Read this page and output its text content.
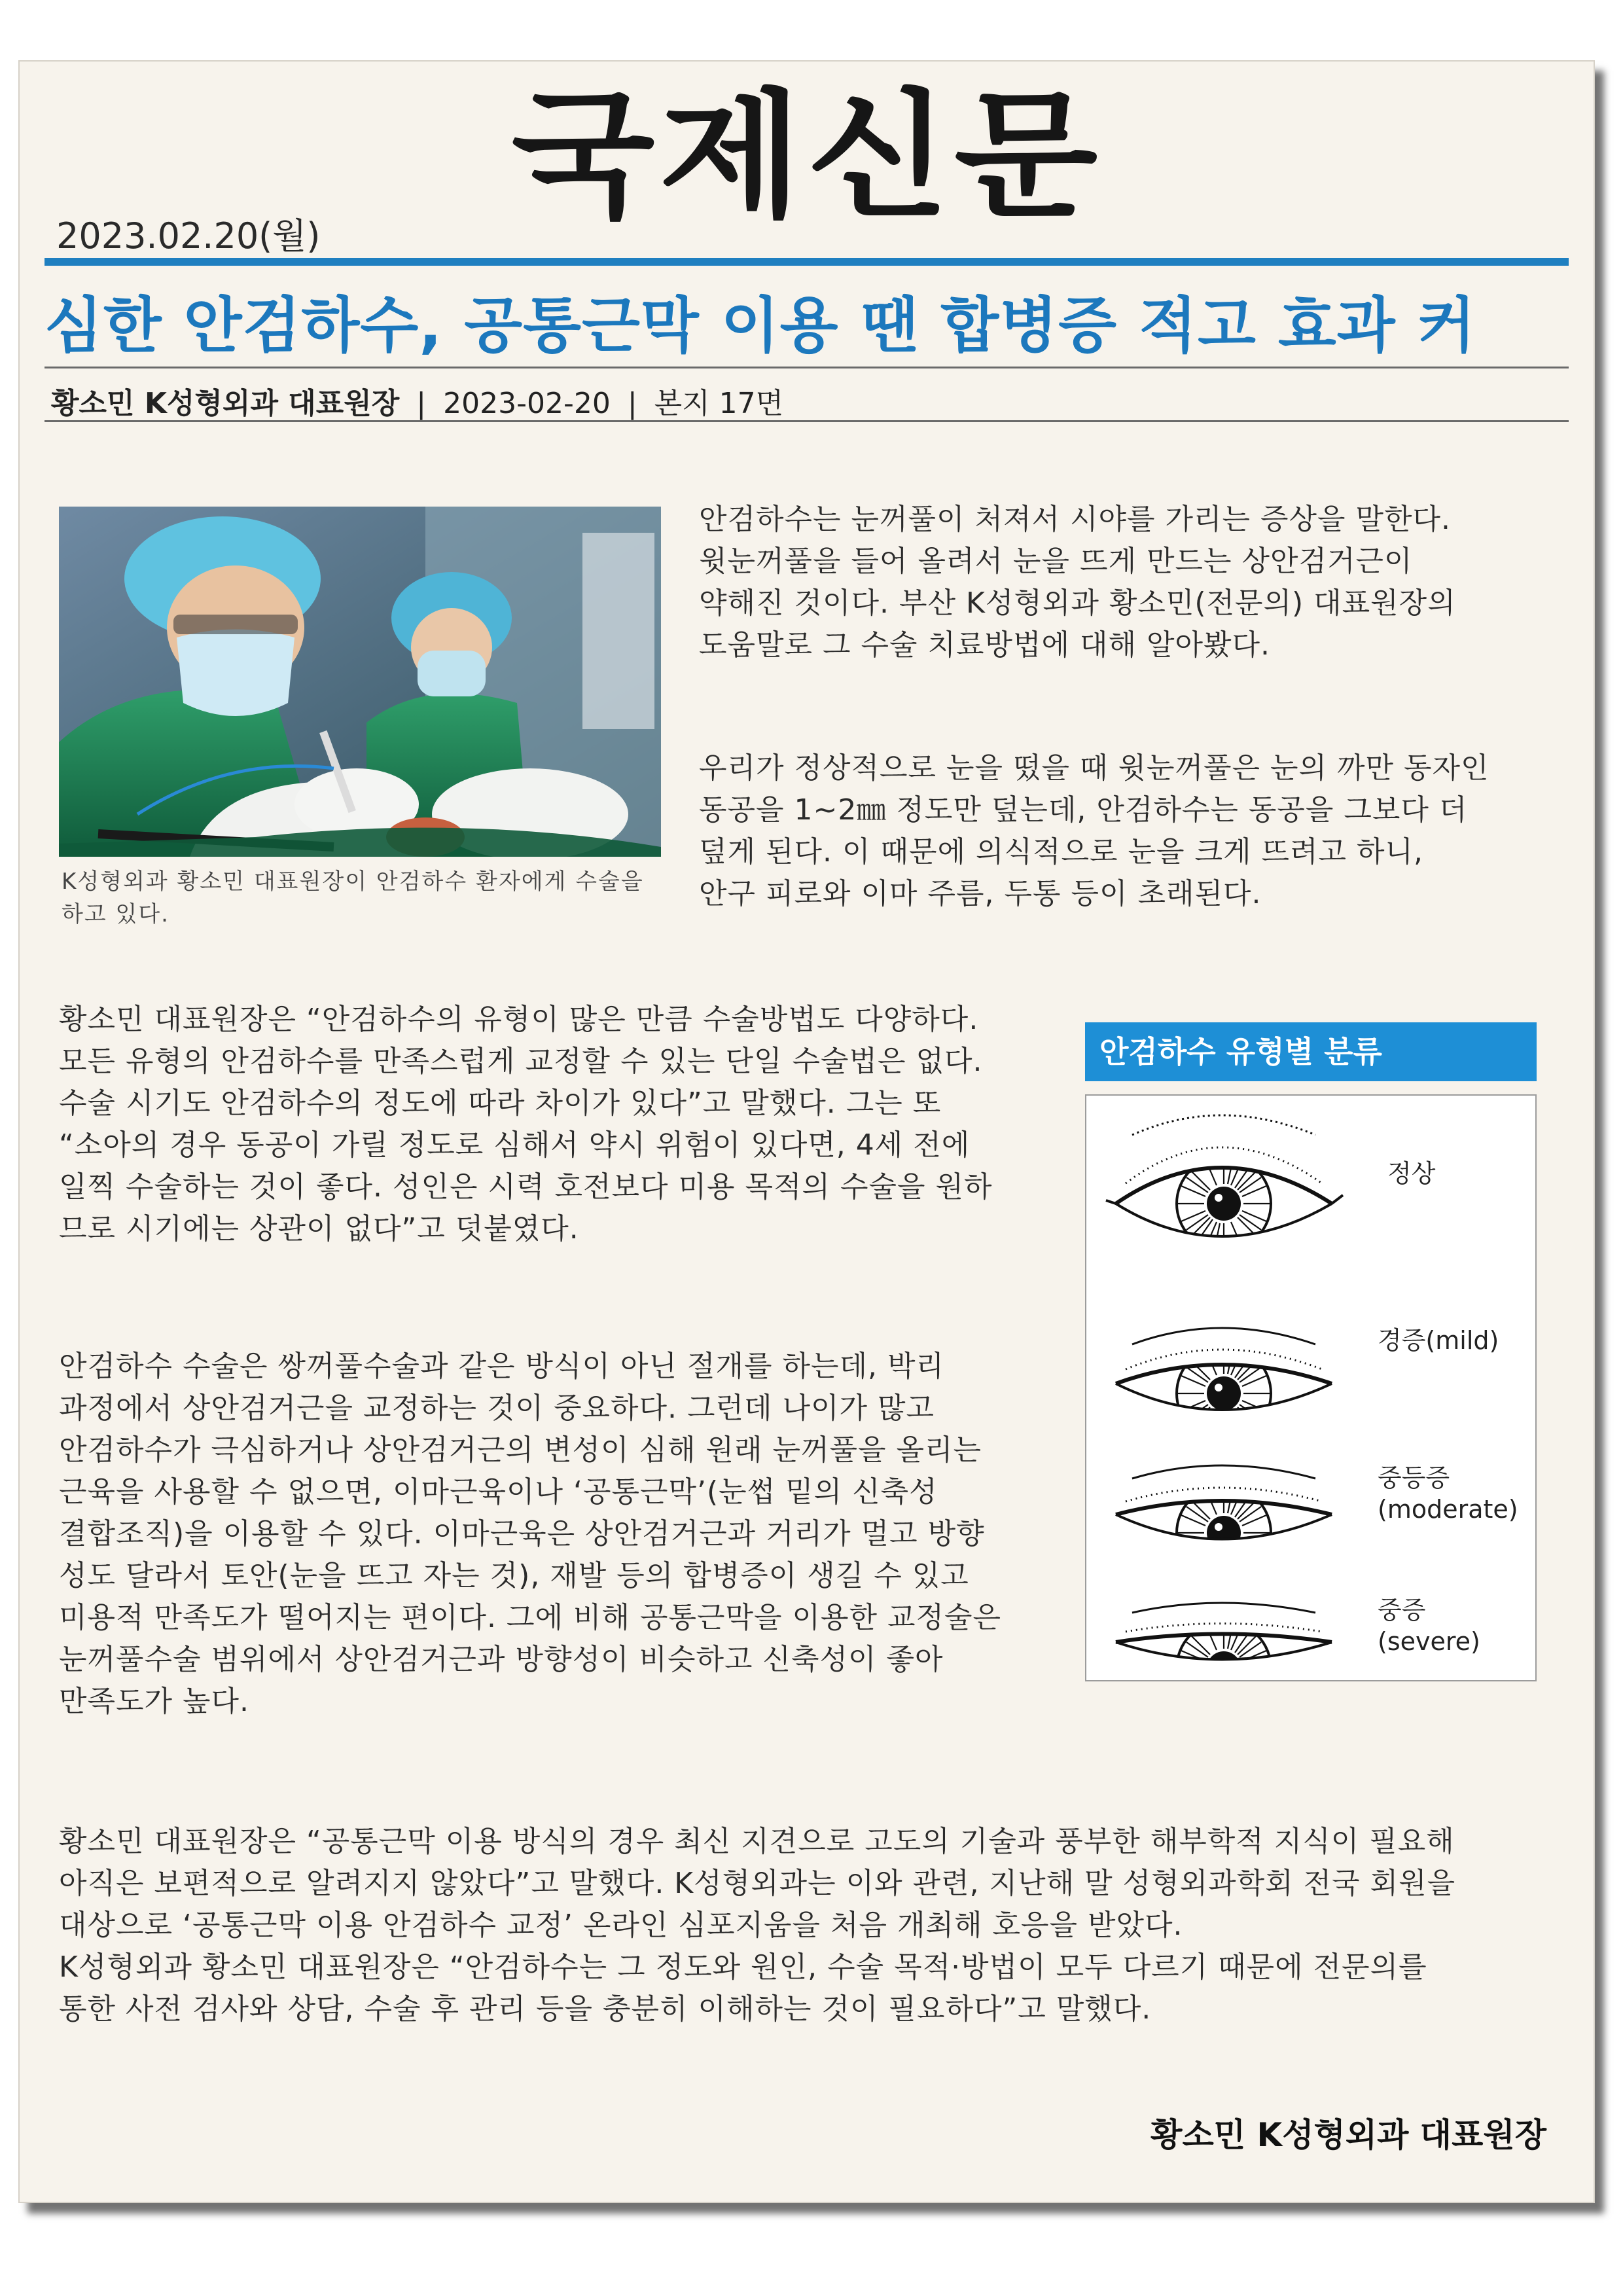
국제신문
2023.02.20(월)
심한 안검하수, 공통근막 이용 땐 합병증 적고 효과 커
황소민 K성형외과 대표원장 | 2023-02-20 | 본지 17면
K성형외과 황소민 대표원장이 안검하수 환자에게 수술을 하고 있다.
안검하수는 눈꺼풀이 처져서 시야를 가리는 증상을 말한다.
윗눈꺼풀을 들어 올려서 눈을 뜨게 만드는 상안검거근이
약해진 것이다. 부산 K성형외과 황소민(전문의) 대표원장의
도움말로 그 수술 치료방법에 대해 알아봤다.
우리가 정상적으로 눈을 떴을 때 윗눈꺼풀은 눈의 까만 동자인
동공을 1~2㎜ 정도만 덮는데, 안검하수는 동공을 그보다 더
덮게 된다. 이 때문에 의식적으로 눈을 크게 뜨려고 하니,
안구 피로와 이마 주름, 두통 등이 초래된다.
황소민 대표원장은 “안검하수의 유형이 많은 만큼 수술방법도 다양하다.
모든 유형의 안검하수를 만족스럽게 교정할 수 있는 단일 수술법은 없다.
수술 시기도 안검하수의 정도에 따라 차이가 있다”고 말했다. 그는 또
“소아의 경우 동공이 가릴 정도로 심해서 약시 위험이 있다면, 4세 전에
일찍 수술하는 것이 좋다. 성인은 시력 호전보다 미용 목적의 수술을 원하
므로 시기에는 상관이 없다”고 덧붙였다.
안검하수 수술은 쌍꺼풀수술과 같은 방식이 아닌 절개를 하는데, 박리
과정에서 상안검거근을 교정하는 것이 중요하다. 그런데 나이가 많고
안검하수가 극심하거나 상안검거근의 변성이 심해 원래 눈꺼풀을 올리는
근육을 사용할 수 없으면, 이마근육이나 ‘공통근막’(눈썹 밑의 신축성
결합조직)을 이용할 수 있다. 이마근육은 상안검거근과 거리가 멀고 방향
성도 달라서 토안(눈을 뜨고 자는 것), 재발 등의 합병증이 생길 수 있고
미용적 만족도가 떨어지는 편이다. 그에 비해 공통근막을 이용한 교정술은
눈꺼풀수술 범위에서 상안검거근과 방향성이 비슷하고 신축성이 좋아
만족도가 높다.
안검하수 유형별 분류
정상
경증(mild)
중등증
(moderate)
중증
(severe)
황소민 대표원장은 “공통근막 이용 방식의 경우 최신 지견으로 고도의 기술과 풍부한 해부학적 지식이 필요해
아직은 보편적으로 알려지지 않았다”고 말했다. K성형외과는 이와 관련, 지난해 말 성형외과학회 전국 회원을
대상으로 ‘공통근막 이용 안검하수 교정’ 온라인 심포지움을 처음 개최해 호응을 받았다.
K성형외과 황소민 대표원장은 “안검하수는 그 정도와 원인, 수술 목적·방법이 모두 다르기 때문에 전문의를
통한 사전 검사와 상담, 수술 후 관리 등을 충분히 이해하는 것이 필요하다”고 말했다.
황소민 K성형외과 대표원장
